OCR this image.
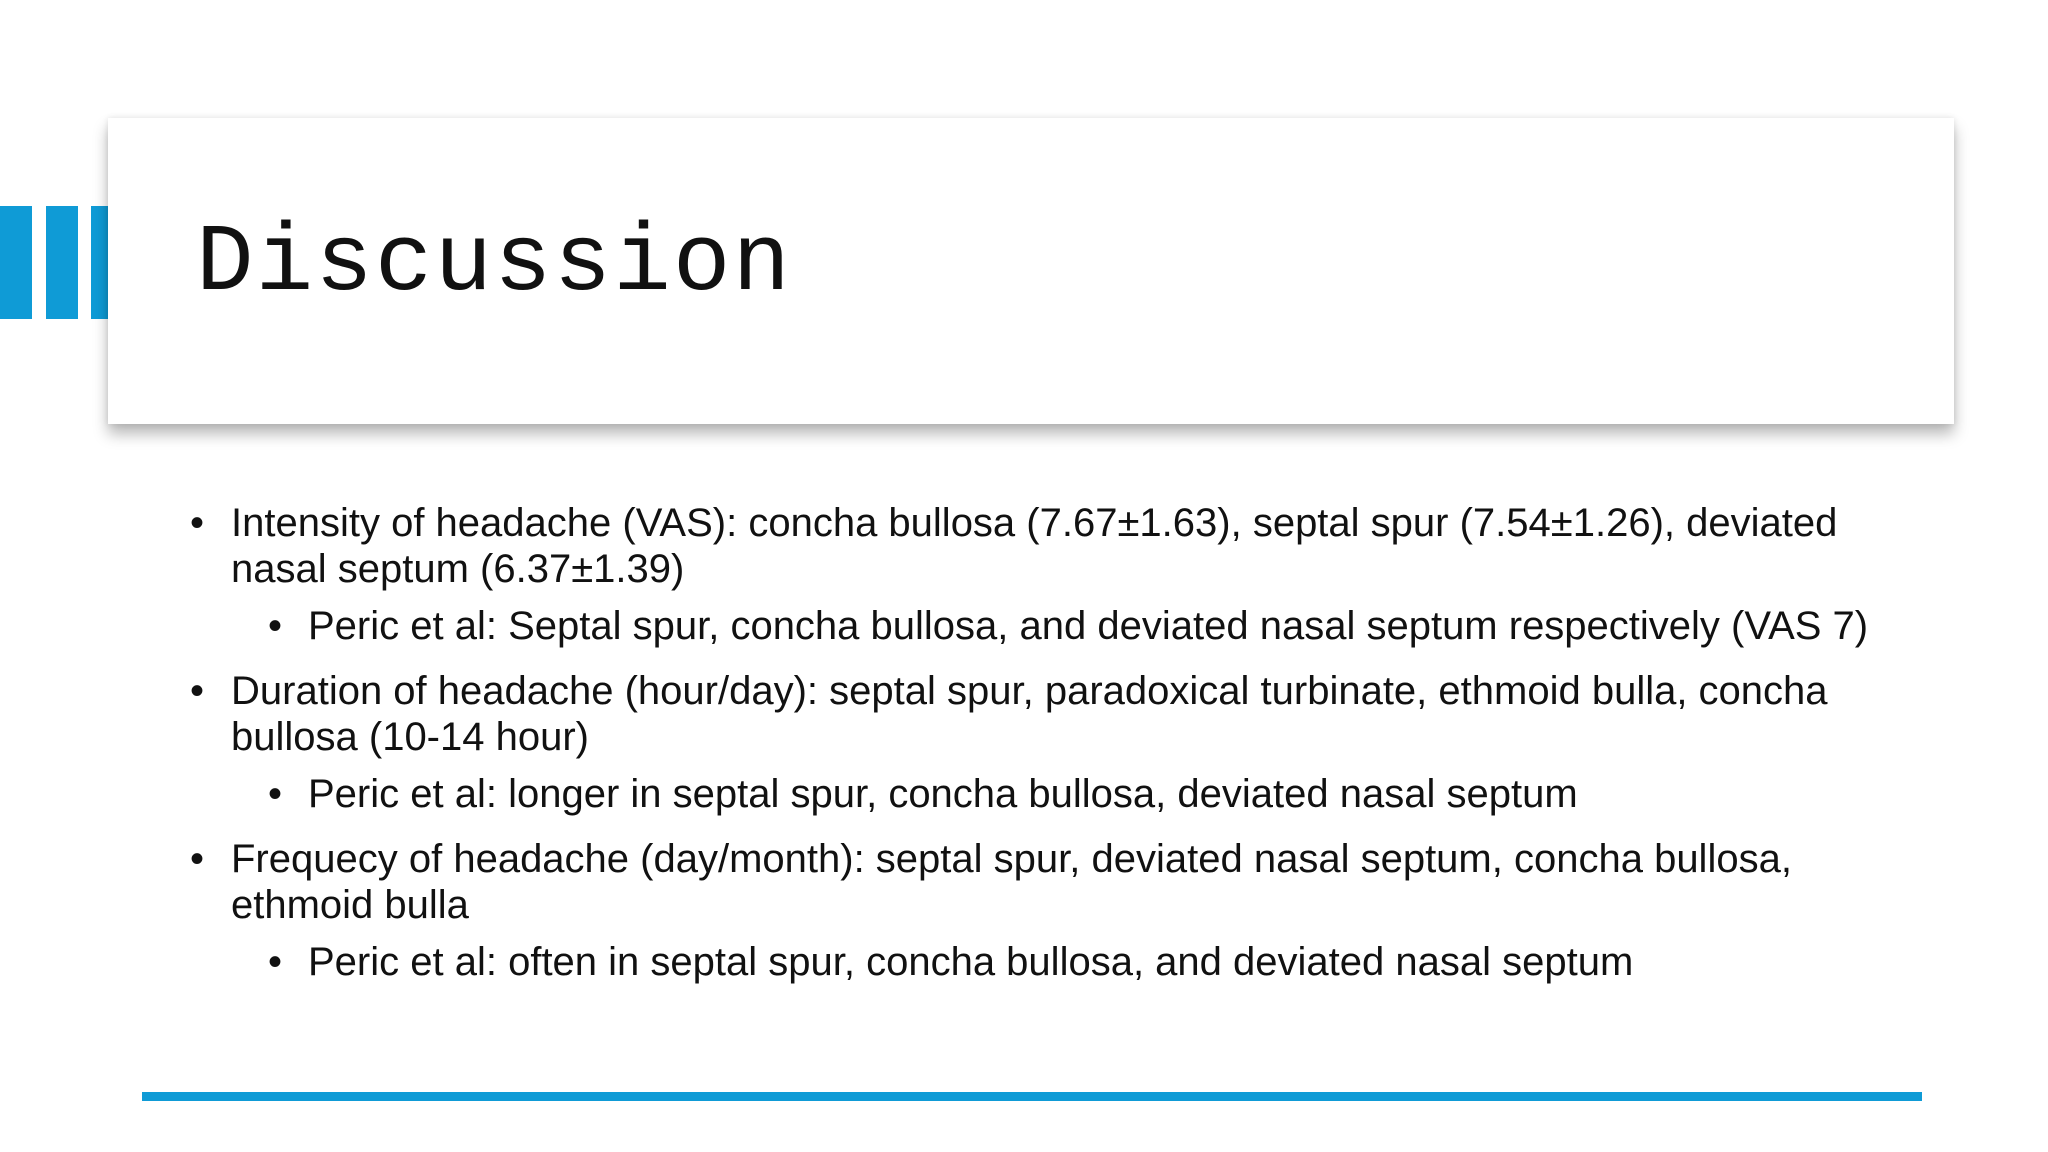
Discussion
• Intensity of headache (VAS): concha bullosa (7.67±1.63), septal spur (7.54±1.26), deviated nasal septum (6.37±1.39)
• Peric et al: Septal spur, concha bullosa, and deviated nasal septum respectively (VAS 7)
• Duration of headache (hour/day): septal spur, paradoxical turbinate, ethmoid bulla, concha bullosa (10-14 hour)
• Peric et al: longer in septal spur, concha bullosa, deviated nasal septum
• Frequecy of headache (day/month): septal spur, deviated nasal septum, concha bullosa, ethmoid bulla
• Peric et al: often in septal spur, concha bullosa, and deviated nasal septum
